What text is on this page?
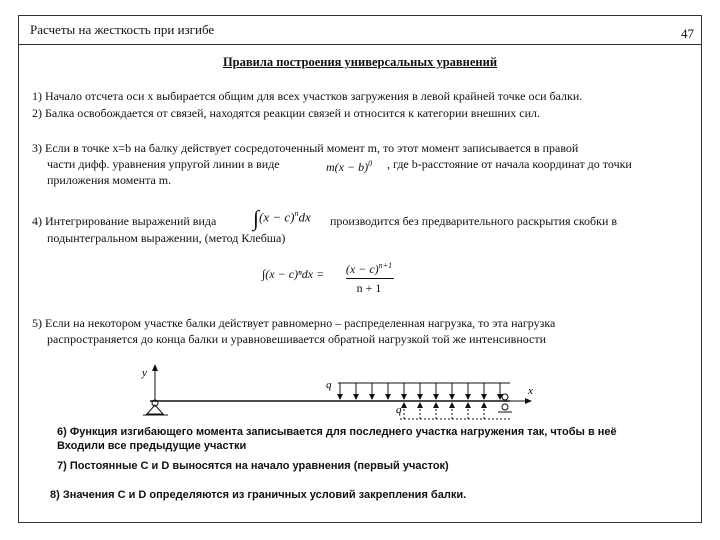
Расчеты на жесткость при изгибе	47
Правила построения универсальных уравнений
1) Начало отсчета оси x выбирается общим для всех участков загружения в левой крайней точке оси балки.
2) Балка освобождается от связей, находятся реакции связей и относится к категории внешних сил.
3) Если в точке x=b на балку действует сосредоточенный момент m, то этот момент записывается в правой
части дифф. уравнения упругой линии в виде	$m(x - b)^0$ , где b-расстояние от начала координат до точки
приложения момента m.
4) Интегрирование выражений вида $\int(x - c)^ndx$ производится без предварительного раскрытия скобки в
подынтегральном выражении, (метод Клебша)
$\int(x - c)^ndx = (x - c)^{n+1}$
n + 1
5) Если на некотором участке балки действует равномерно – распределенная нагрузка, то эта нагрузка
распространяется до конца балки и уравновешивается обратной нагрузкой той же интенсивности
y
x
q
q
6) Функция изгибающего момента записывается для последнего участка нагружения так, чтобы в неё
Входили все предыдущие участки
7) Постоянные C и D выносятся на начало уравнения (первый участок)
8) Значения C и D определяются из граничных условий закрепления балки.
